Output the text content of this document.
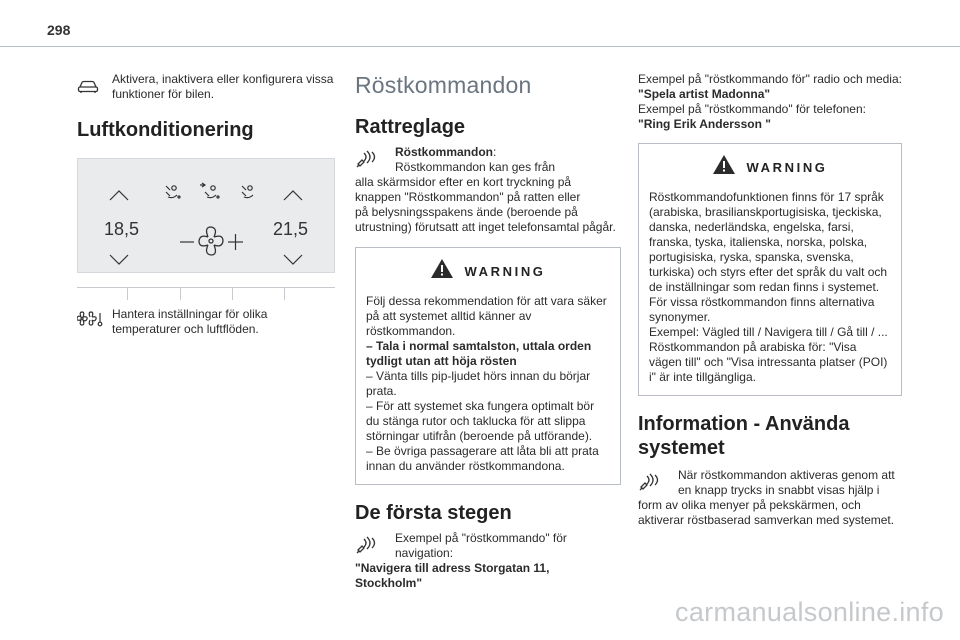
298
Aktivera, inaktivera eller konfigurera vissa funktioner för bilen.
Luftkonditionering
18,5	21,5
Hantera inställningar för olika temperaturer och luftflöden.
Röstkommandon
Rattreglage
Röstkommandon:
Röstkommandon kan ges från
alla skärmsidor efter en kort tryckning på
knappen "Röstkommandon" på ratten eller
på belysningsspakens ände (beroende på
utrustning) förutsatt att inget telefonsamtal pågår.
WARNING
Följ dessa rekommendation för att vara säker på att systemet alltid känner av röstkommandon.
– Tala i normal samtalston, uttala orden tydligt utan att höja rösten
– Vänta tills pip-ljudet hörs innan du börjar prata.
– För att systemet ska fungera optimalt bör du stänga rutor och taklucka för att slippa störningar utifrån (beroende på utförande).
– Be övriga passagerare att låta bli att prata innan du använder röstkommandona.
De första stegen
Exempel på "röstkommando" för
navigation:
"Navigera till adress Storgatan 11,
Stockholm"
Exempel på "röstkommando för" radio och media:
"Spela artist Madonna"
Exempel på "röstkommando" för telefonen:
"Ring Erik Andersson "
WARNING
Röstkommandofunktionen finns för 17 språk (arabiska, brasilianskportugisiska, tjeckiska, danska, nederländska, engelska, farsi, franska, tyska, italienska, norska, polska, portugisiska, ryska, spanska, svenska, turkiska) och styrs efter det språk du valt och de inställningar som redan finns i systemet.
För vissa röstkommandon finns alternativa synonymer.
Exempel: Vägled till / Navigera till / Gå till / ...
Röstkommandon på arabiska för: "Visa vägen till" och "Visa intressanta platser (POI) i" är inte tillgängliga.
Information - Använda systemet
När röstkommandon aktiveras genom att
en knapp trycks in snabbt visas hjälp i
form av olika menyer på pekskärmen, och
aktiverar röstbaserad samverkan med systemet.
carmanualsonline.info
